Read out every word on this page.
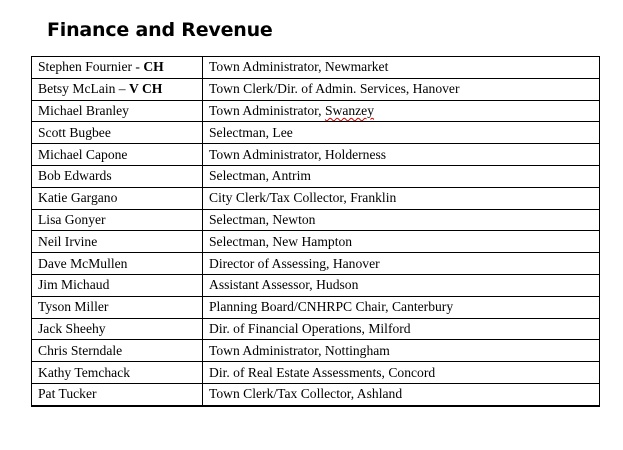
Finance and Revenue
Stephen Fournier - CH	Town Administrator, Newmarket
Betsy McLain – V CH	Town Clerk/Dir. of Admin. Services, Hanover
Michael Branley	Town Administrator, Swanzey
Scott Bugbee	Selectman, Lee
Michael Capone	Town Administrator, Holderness
Bob Edwards	Selectman, Antrim
Katie Gargano	City Clerk/Tax Collector, Franklin
Lisa Gonyer	Selectman, Newton
Neil Irvine	Selectman, New Hampton
Dave McMullen	Director of Assessing, Hanover
Jim Michaud	Assistant Assessor, Hudson
Tyson Miller	Planning Board/CNHRPC Chair, Canterbury
Jack Sheehy	Dir. of Financial Operations, Milford
Chris Sterndale	Town Administrator, Nottingham
Kathy Temchack	Dir. of Real Estate Assessments, Concord
Pat Tucker	Town Clerk/Tax Collector, Ashland
